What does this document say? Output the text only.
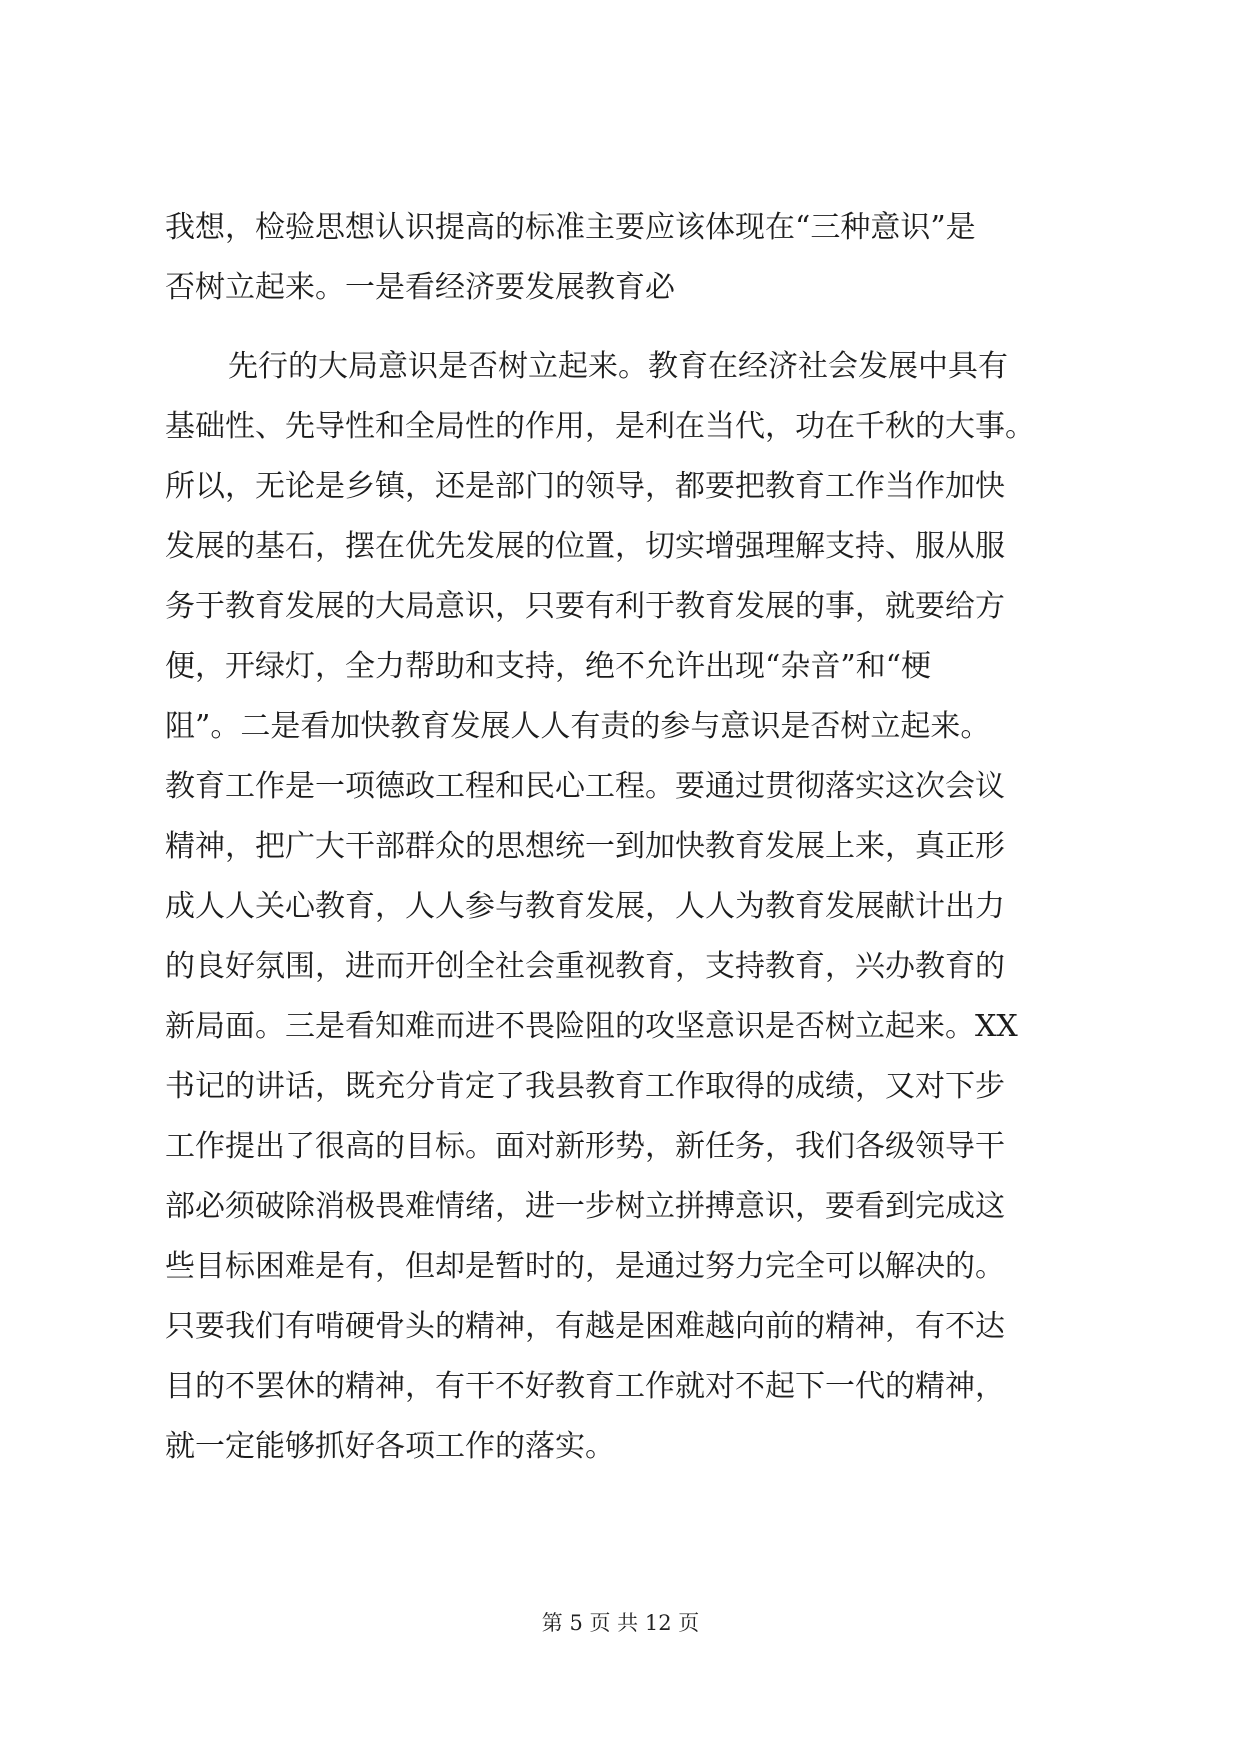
我想，检验思想认识提高的标准主要应该体现在“三种意识”是
否树立起来。一是看经济要发展教育必
先行的大局意识是否树立起来。教育在经济社会发展中具有
基础性、先导性和全局性的作用，是利在当代，功在千秋的大事。
所以，无论是乡镇，还是部门的领导，都要把教育工作当作加快
发展的基石，摆在优先发展的位置，切实增强理解支持、服从服
务于教育发展的大局意识，只要有利于教育发展的事，就要给方
便，开绿灯，全力帮助和支持，绝不允许出现“杂音”和“梗
阻”。二是看加快教育发展人人有责的参与意识是否树立起来。
教育工作是一项德政工程和民心工程。要通过贯彻落实这次会议
精神，把广大干部群众的思想统一到加快教育发展上来，真正形
成人人关心教育，人人参与教育发展，人人为教育发展献计出力
的良好氛围，进而开创全社会重视教育，支持教育，兴办教育的
新局面。三是看知难而进不畏险阻的攻坚意识是否树立起来。XX
书记的讲话，既充分肯定了我县教育工作取得的成绩，又对下步
工作提出了很高的目标。面对新形势，新任务，我们各级领导干
部必须破除消极畏难情绪，进一步树立拼搏意识，要看到完成这
些目标困难是有，但却是暂时的，是通过努力完全可以解决的。
只要我们有啃硬骨头的精神，有越是困难越向前的精神，有不达
目的不罢休的精神，有干不好教育工作就对不起下一代的精神，
就一定能够抓好各项工作的落实。
第 5 页 共 12 页
